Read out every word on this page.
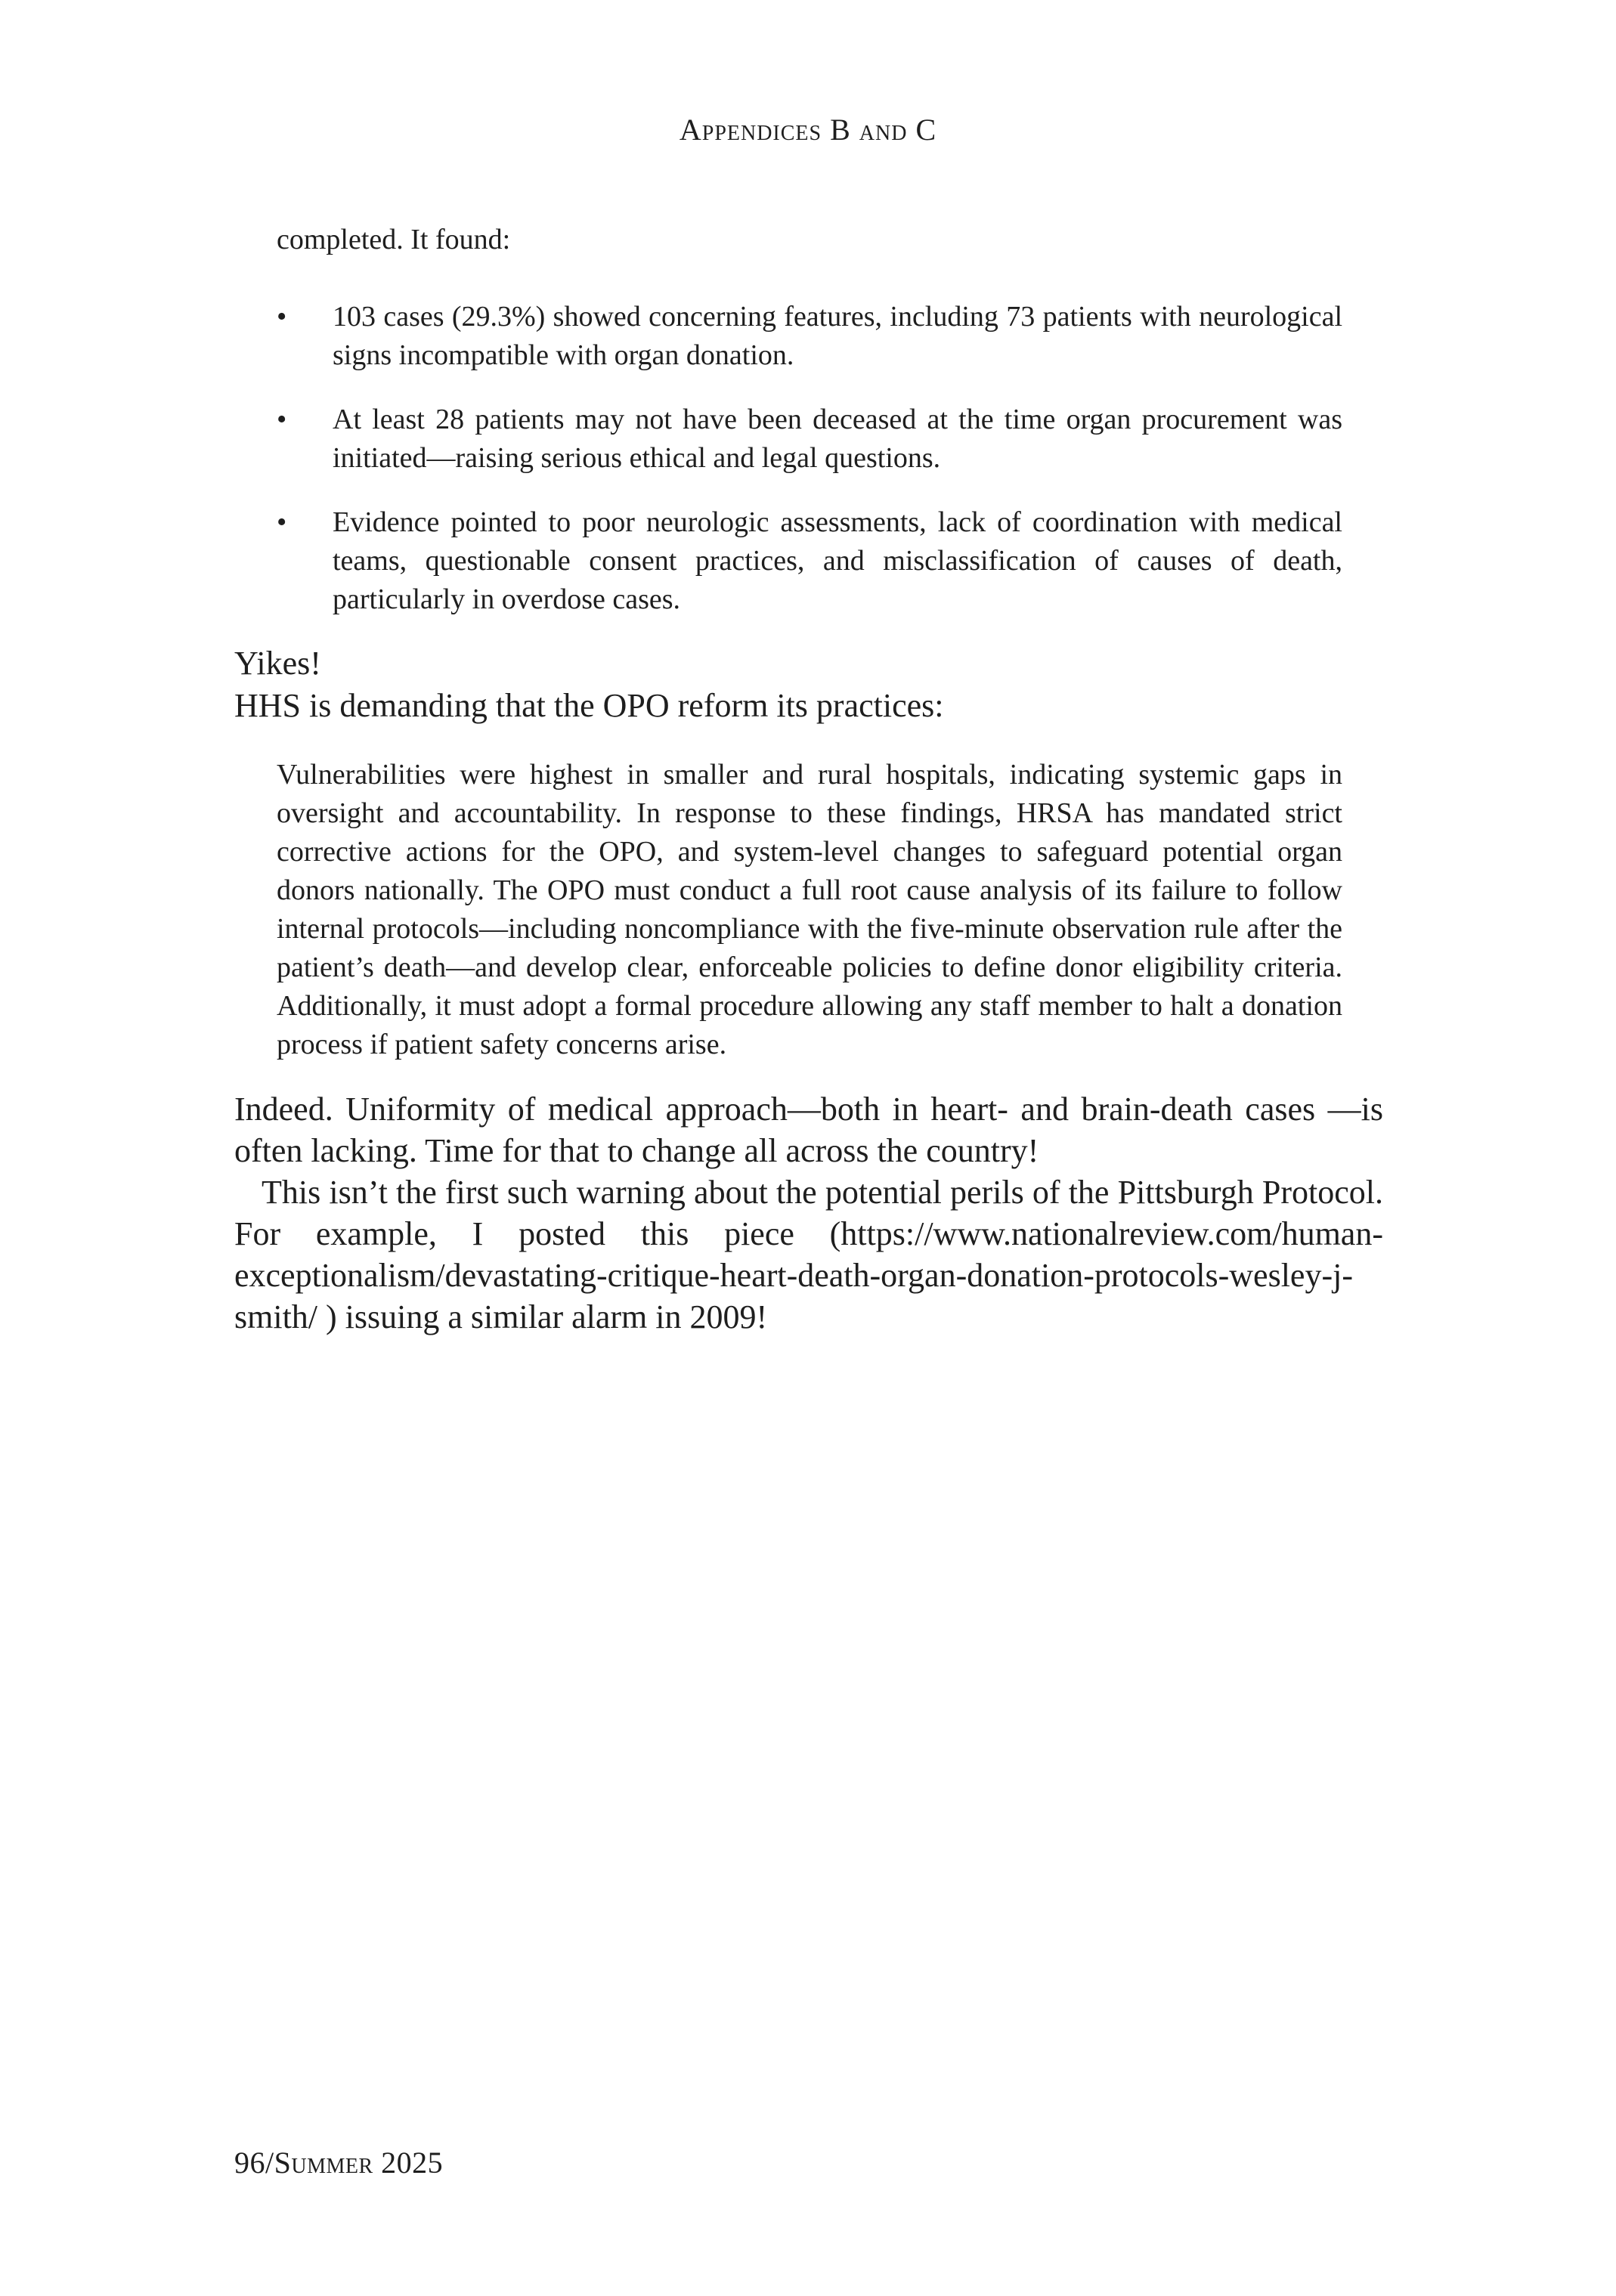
Appendices B and C
completed. It found:
•	103 cases (29.3%) showed concerning features, including 73 patients with neurological signs incompatible with organ donation.
•	At least 28 patients may not have been deceased at the time organ procurement was initiated—raising serious ethical and legal questions.
•	Evidence pointed to poor neurologic assessments, lack of coordination with medical teams, questionable consent practices, and misclassification of causes of death, particularly in overdose cases.

Yikes!

HHS is demanding that the OPO reform its practices:

Vulnerabilities were highest in smaller and rural hospitals, indicating systemic gaps in oversight and accountability. In response to these findings, HRSA has mandated strict corrective actions for the OPO, and system-level changes to safeguard potential organ donors nationally. The OPO must conduct a full root cause analysis of its failure to follow internal protocols—including noncompliance with the five-minute observation rule after the patient’s death—and develop clear, enforceable policies to define donor eligibility criteria. Additionally, it must adopt a formal procedure allowing any staff member to halt a donation process if patient safety concerns arise.

Indeed. Uniformity of medical approach—both in heart- and brain-death cases —is often lacking. Time for that to change all across the country!

This isn’t the first such warning about the potential perils of the Pittsburgh Protocol. For example, I posted this piece (https://www.nationalreview.com/human-exceptionalism/devastating-critique-heart-death-organ-donation-protocols-wesley-j-smith/ ) issuing a similar alarm in 2009!

96/Summer 2025
